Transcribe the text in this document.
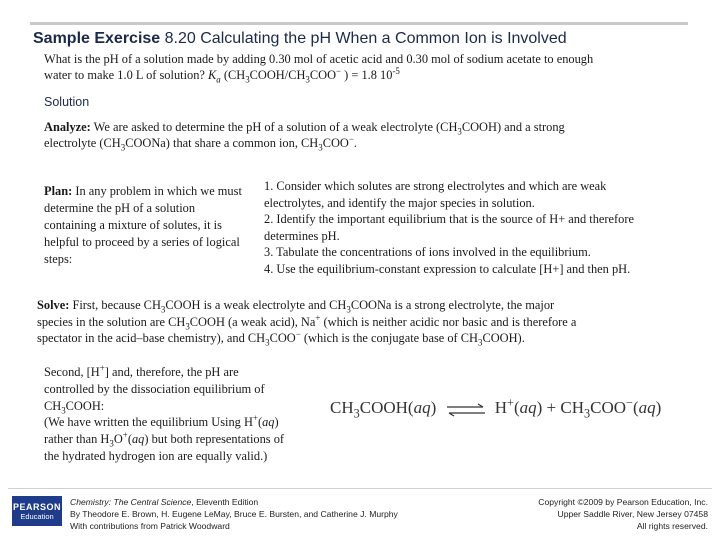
Sample Exercise 8.20 Calculating the pH When a Common Ion is Involved
What is the pH of a solution made by adding 0.30 mol of acetic acid and 0.30 mol of sodium acetate to enough
water to make 1.0 L of solution? $K_a$ ($CH_3COOH/CH_3COO^-$ ) = 1.8 $10^{-5}$
Solution
Analyze: We are asked to determine the pH of a solution of a weak electrolyte $(CH_3COOH)$ and a strong
electrolyte $(CH_3COONa)$ that share a common ion, $CH_3COO^-$.
Plan: In any problem in which we must determine the pH of a solution containing a mixture of solutes, it is helpful to proceed by a series of logical steps:
1. Consider which solutes are strong electrolytes and which are weak electrolytes, and identify the major species in solution.
2. Identify the important equilibrium that is the source of H+ and therefore determines pH.
3. Tabulate the concentrations of ions involved in the equilibrium.
4. Use the equilibrium-constant expression to calculate [H+] and then pH.
Solve: First, because $CH_3COOH$ is a weak electrolyte and $CH_3COONa$ is a strong electrolyte, the major
species in the solution are $CH_3COOH$ (a weak acid), Na+ (which is neither acidic nor basic and is therefore a
spectator in the acid–base chemistry), and $CH_3COO^-$ (which is the conjugate base of $CH_3COOH$).
Second, [H+] and, therefore, the pH are controlled by the dissociation equilibrium of $CH_3COOH$:
(We have written the equilibrium Using H+(aq) rather than $H_3O^+(aq)$ but both representations of the hydrated hydrogen ion are equally valid.)
$CH_3COOH(aq)$ ⇌ $H^+(aq) + CH_3COO^-(aq)$
PEARSON
Education
Chemistry: The Central Science, Eleventh Edition
By Theodore E. Brown, H. Eugene LeMay, Bruce E. Bursten, and Catherine J. Murphy
With contributions from Patrick Woodward
Copyright ©2009 by Pearson Education, Inc.
Upper Saddle River, New Jersey 07458
All rights reserved.
